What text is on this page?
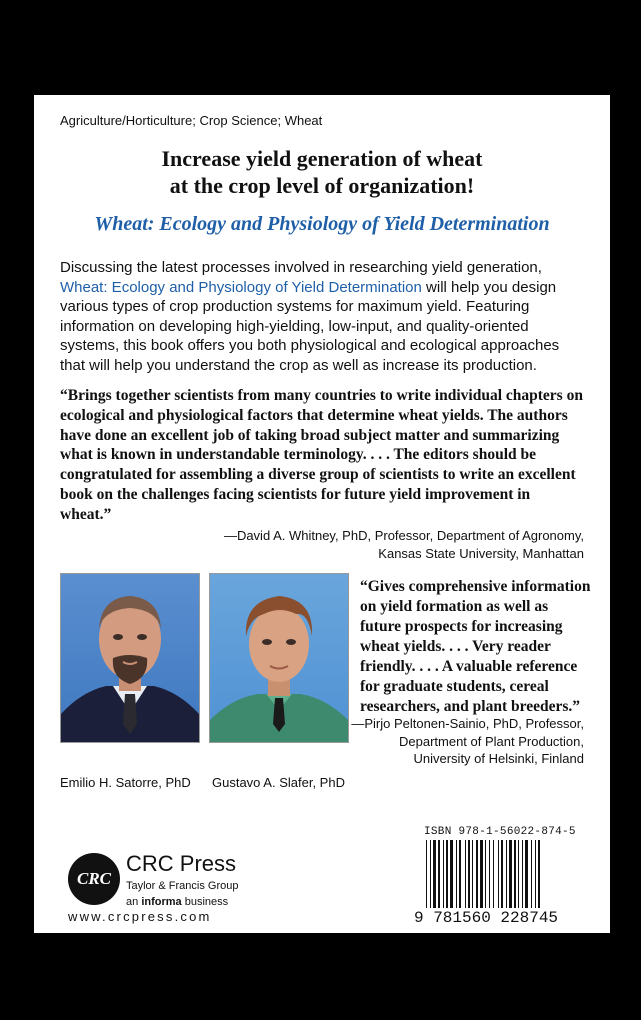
Agriculture/Horticulture; Crop Science; Wheat
Increase yield generation of wheat
at the crop level of organization!
Wheat: Ecology and Physiology of Yield Determination
Discussing the latest processes involved in researching yield generation, Wheat: Ecology and Physiology of Yield Determination will help you design various types of crop production systems for maximum yield. Featuring information on developing high-yielding, low-input, and quality-oriented systems, this book offers you both physiological and ecological approaches that will help you understand the crop as well as increase its production.
“Brings together scientists from many countries to write individual chapters on ecological and physiological factors that determine wheat yields. The authors have done an excellent job of taking broad subject matter and summarizing what is known in understandable terminology. . . . The editors should be congratulated for assembling a diverse group of scientists to write an excellent book on the challenges facing scientists for future yield improvement in wheat.”
—David A. Whitney, PhD, Professor, Department of Agronomy,
Kansas State University, Manhattan
Emilio H. Satorre, PhD Gustavo A. Slafer, PhD
“Gives comprehensive information on yield formation as well as future prospects for increasing wheat yields. . . . Very reader friendly. . . . A valuable reference for graduate students, cereal researchers, and plant breeders.”
—Pirjo Peltonen-Sainio, PhD, Professor,
Department of Plant Production,
University of Helsinki, Finland
CRC
CRC Press
Taylor & Francis Group
an informa business
www.crcpress.com
ISBN 978-1-56022-874-5
9 781560 228745
